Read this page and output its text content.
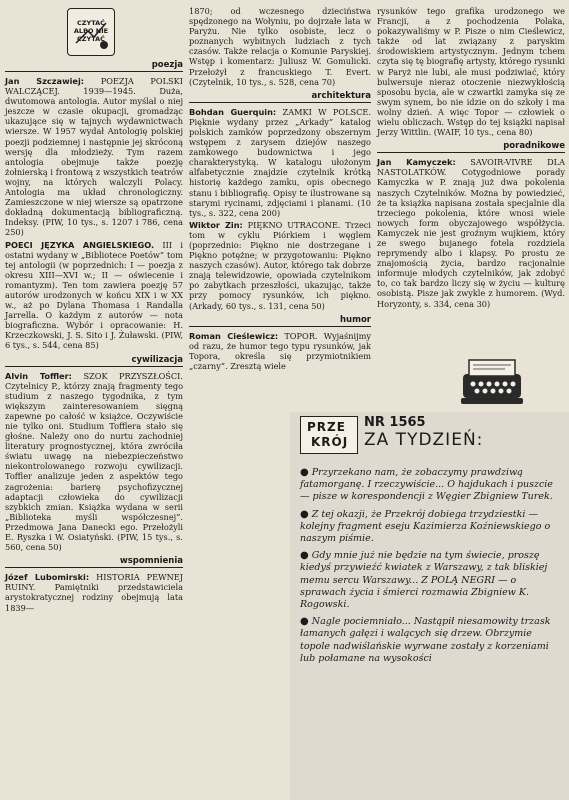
CZYTAĆ ALBO NIE CZYTAĆ
poezja

Jan Szczawiej: POEZJA POLSKI WALCZĄCEJ. 1939—1945. Duża, dwutomowa antologia. Autor myślał o niej jeszcze w czasie okupacji, gromadząc ukazujące się w tajnych wydawnictwach wiersze. W 1957 wydał Antologię polskiej poezji podziemnej i następnie jej skróconą wersję dla młodzieży. Tym razem antologia obejmuje także poezję żołnierską i frontową z wszystkich teatrów wojny, na których walczyli Polacy. Antologia ma układ chronologiczny. Zamieszczone w niej wiersze są opatrzone dokładną dokumentacją bibliograficzną. Indeksy. (PIW, 10 tys., s. 1207 i 786, cena 250)

POECI JĘZYKA ANGIELSKIEGO. III i ostatni wydany w „Bibliotece Poetów” tom tej antologii (w poprzednich: I — poezja z okresu XIII—XVI w.; II — oświecenie i romantyzm). Ten tom zawiera poezję 57 autorów urodzonych w końcu XIX i w XX w., aż po Dylana Thomasa i Randalla Jarrella. O każdym z autorów — nota biograficzna. Wybór i opracowanie: H. Krzeczkowski, J. S. Sito i J. Żuławski. (PIW, 6 tys., s. 544, cena 85)

cywilizacja

Alvin Toffler: SZOK PRZYSZŁOŚCI. Czytelnicy P., którzy znają fragmenty tego studium z naszego tygodnika, z tym większym zainteresowaniem sięgną zapewne po całość w książce. Oczywiście nie tylko oni. Studium Tofflera stało się głośne. Należy ono do nurtu zachodniej literatury prognostycznej, która zwróciła światu uwagę na niebezpieczeństwo niekontrolowanego rozwoju cywilizacji. Toffler analizuje jeden z aspektów tego zagrożenia: barierę psychofizycznej adaptacji człowieka do cywilizacji szybkich zmian. Książka wydana w serii „Biblioteka myśli współczesnej”. Przedmowa Jana Danecki ego. Przełożyli E. Ryszka i W. Osiatyński. (PIW, 15 tys., s. 560, cena 50)

wspomnienia

Józef Lubomirski: HISTORIA PEWNEJ RUINY. Pamiętniki przedstawiciela arystokratycznej rodziny obejmują lata 1839—

1870; od wczesnego dzieciństwa spędzonego na Wołyniu, po dojrzałe lata w Paryżu. Nie tylko osobiste, lecz o poznanych wybitnych ludziach z tych czasów. Także relacja o Komunie Paryskiej. Wstęp i komentarz: Juliusz W. Gomulicki. Przełożył z francuskiego T. Evert. (Czytelnik, 10 tys., s. 528, cena 70)

architektura

Bohdan Guerquin: ZAMKI W POLSCE. Pięknie wydany przez „Arkady” katalog polskich zamków poprzedzony obszernym wstępem z zarysem dziejów naszego zamkowego budownictwa i jego charakterystyką. W katalogu ułożonym alfabetycznie znajdzie czytelnik krótką historię każdego zamku, opis obecnego stanu i bibliografię. Opisy te ilustrowane są starymi rycinami, zdjęciami i planami. (10 tys., s. 322, cena 200)

Wiktor Zin: PIĘKNO UTRACONE. Trzeci tom w cyklu Piórkiem i węglem (poprzednio: Piękno nie dostrzegane i Piękno potężne; w przygotowaniu: Piękno naszych czasów). Autor, którego tak dobrze znają telewidzowie, opowiada czytelnikom po zabytkach przeszłości, ukazując, także przy pomocy rysunków, ich piękno. (Arkady, 60 tys., s. 131, cena 50)

humor

Roman Cieślewicz: TOPOR. Wyjaśnijmy od razu, że humor tego typu rysunków, jak Topora, określa się przymiotnikiem „czarny”. Zresztą wiele

rysunków tego grafika urodzonego we Francji, a z pochodzenia Polaka, pokazywaliśmy w P. Pisze o nim Cieślewicz, także od lat związany z paryskim środowiskiem artystycznym. Jednym tchem czyta się tę biografię artysty, którego rysunki w Paryż nie lubi, ale musi podziwiać, który bulwersuje nieraz otoczenie niezwykłością sposobu bycia, ale w czwartki zamyka się ze swym synem, bo nie idzie on do szkoły i ma wolny dzień. A więc Topor — człowiek o wielu obliczach. Wstęp do tej książki napisał Jerzy Wittlin. (WAIF, 10 tys., cena 80)

poradnikowe

Jan Kamyczek: SAVOIR-VIVRE DLA NASTOLATKÓW. Cotygodniowe porady Kamyczka w P. znają już dwa pokolenia naszych Czytelników. Można by powiedzieć, że ta książka napisana została specjalnie dla trzeciego pokolenia, które wnosi wiele nowych form obyczajowego współżycia. Kamyczek nie jest groźnym wujkiem, który ze swego bujanego fotela rozdziela reprymendy albo i klapsy. Po prostu ze znajomością życia, bardzo racjonalnie informuje młodych czytelników, jak zdobyć to, co tak bardzo liczy się w życiu — kulturę osobistą. Pisze jak zwykle z humorem. (Wyd. Horyzonty, s. 334, cena 30)

PRZE
KRÓJ
NR 1565
ZA TYDZIEŃ:

● Przyrzekano nam, że zobaczymy prawdziwą fatamorganę. I rzeczywiście... O hajdukach i puszcie — pisze w korespondencji z Węgier Zbigniew Turek.

● Z tej okazji, że Przekrój dobiega trzydziestki — kolejny fragment eseju Kazimierza Koźniewskiego o naszym piśmie.

● Gdy mnie już nie będzie na tym świecie, proszę kiedyś przywieźć kwiatek z Warszawy, z tak bliskiej memu sercu Warszawy... Z POLĄ NEGRI — o sprawach życia i śmierci rozmawia Zbigniew K. Rogowski.

● Nagle pociemniało... Nastąpił niesamowity trzask łamanych gałęzi i walących się drzew. Obrzymie topole nadwiślańskie wyrwane zostały z korzeniami lub połamane na wysokości
